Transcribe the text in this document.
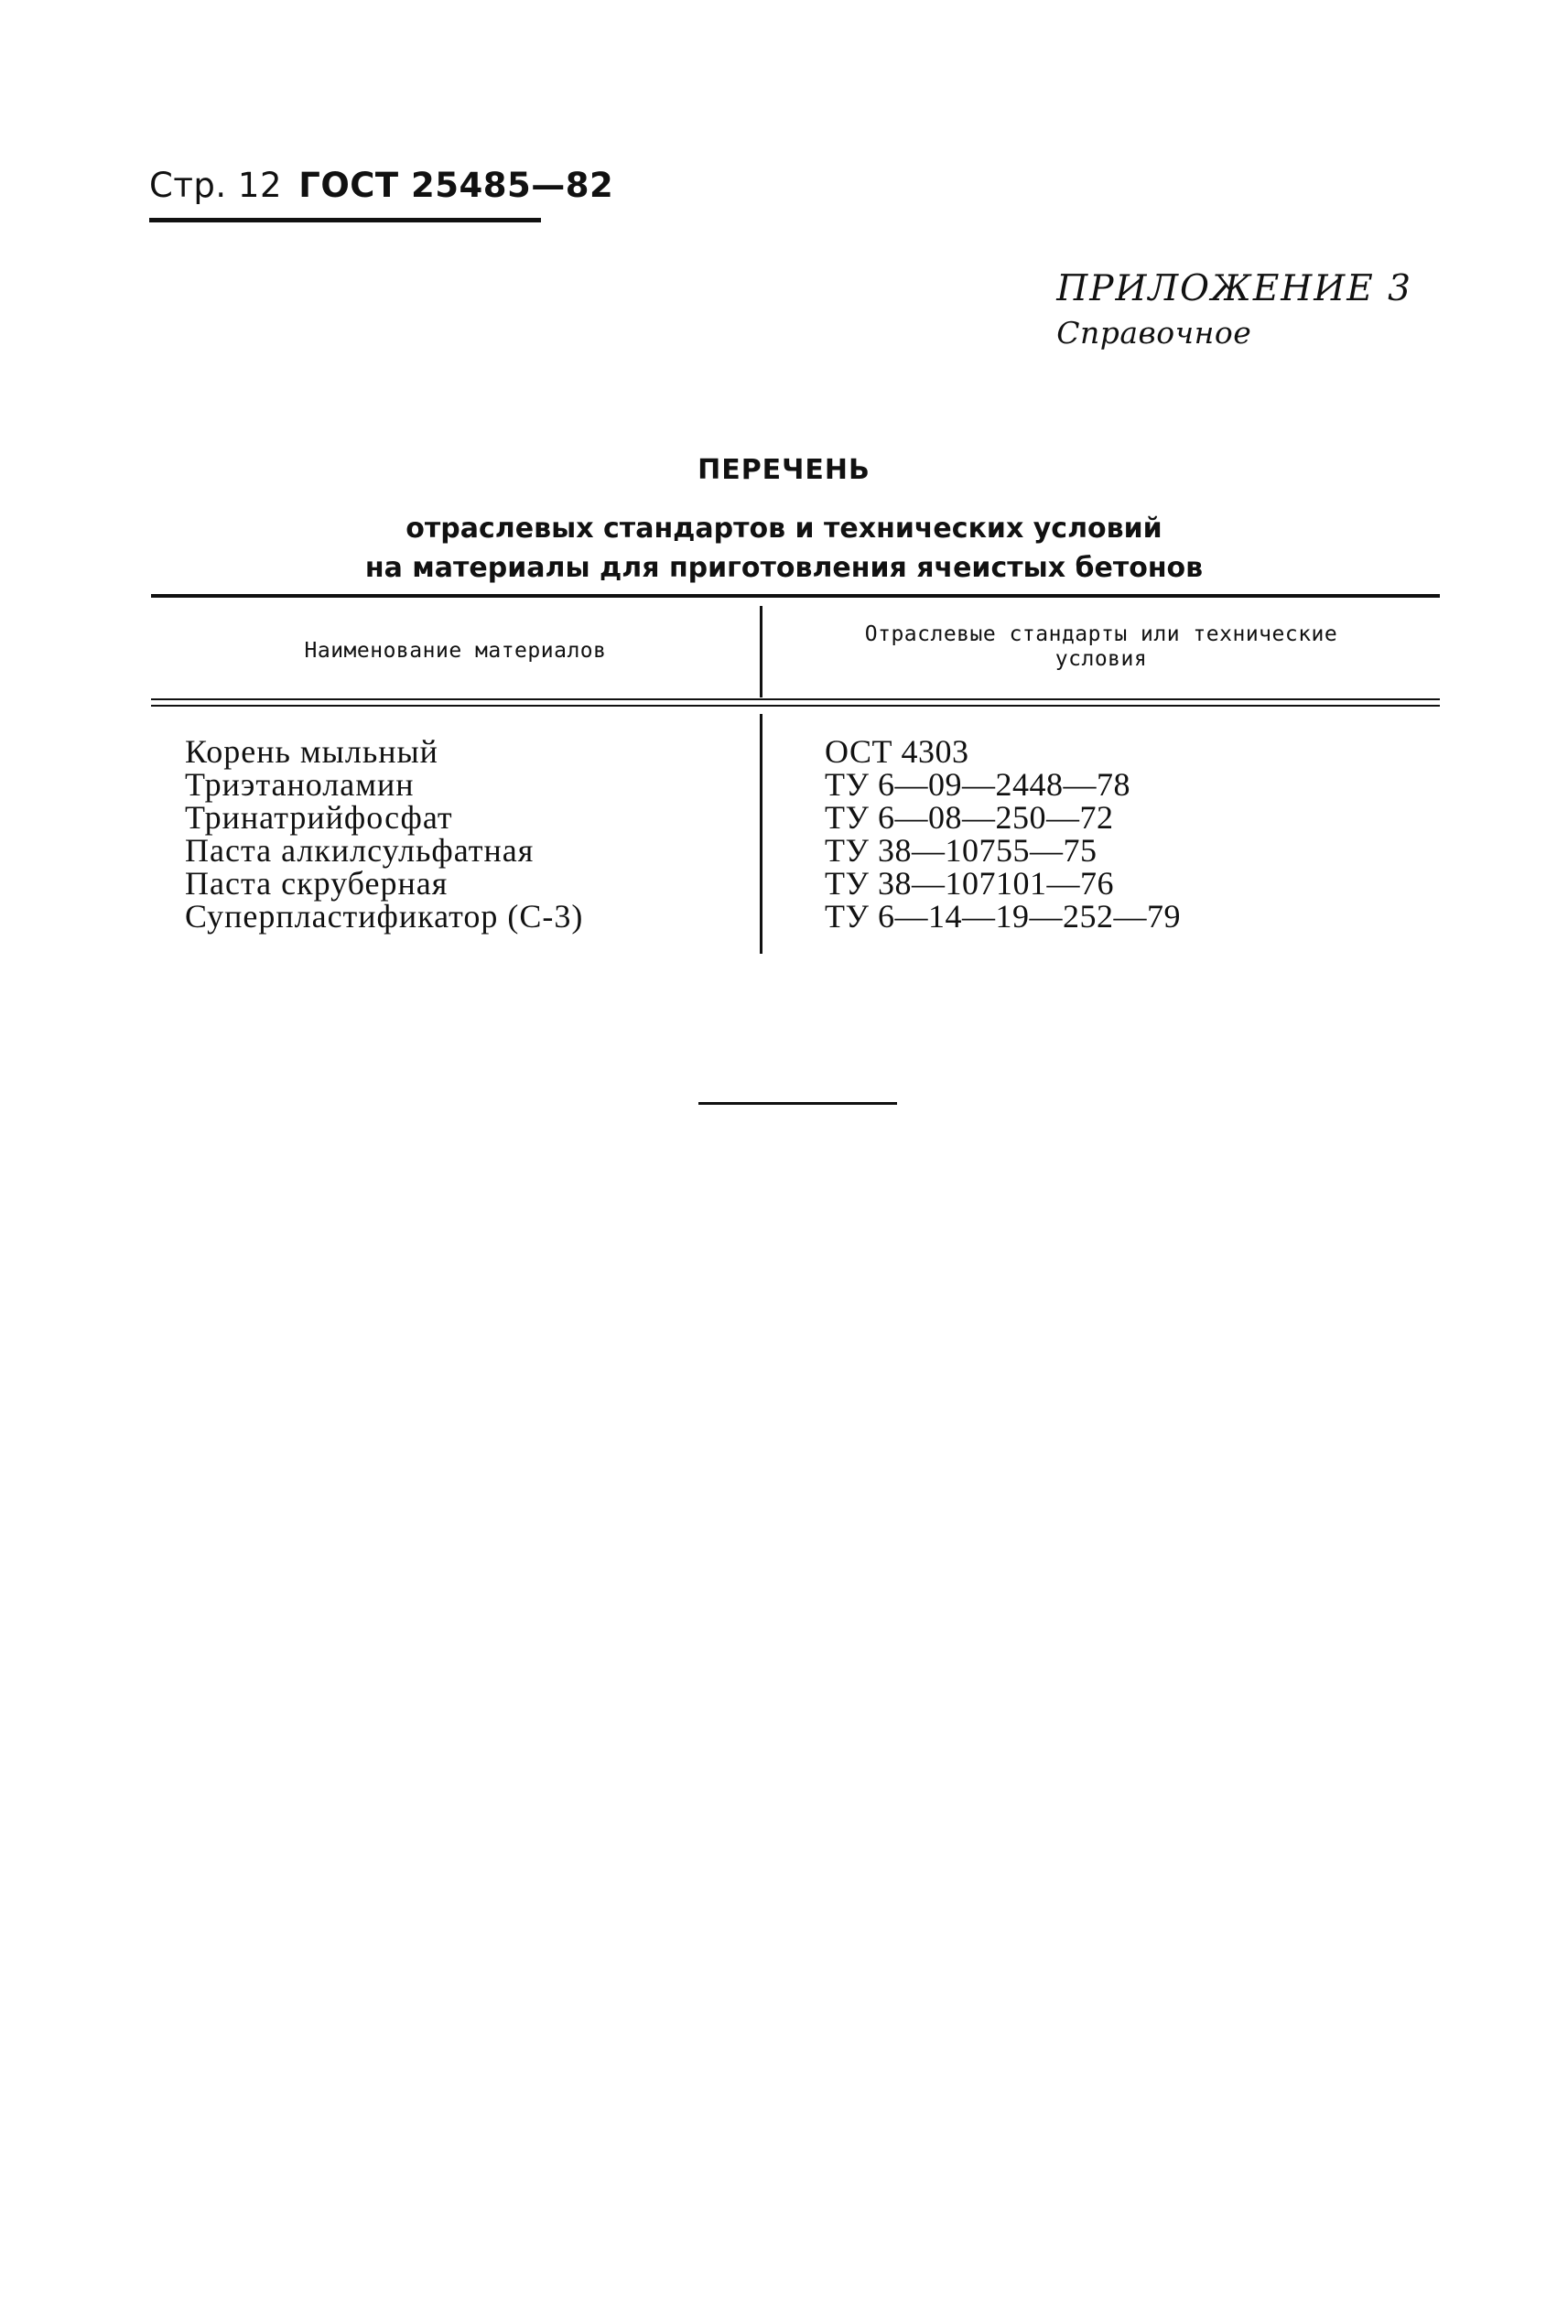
Стр. 12 ГОСТ 25485—82
ПРИЛОЖЕНИЕ 3
Справочное
ПЕРЕЧЕНЬ
отраслевых стандартов и технических условий
на материалы для приготовления ячеистых бетонов
Наименование материалов
Отраслевые стандарты или технические
условия
Корень мыльный
Триэтаноламин
Тринатрийфосфат
Паста алкилсульфатная
Паста скруберная
Суперпластификатор (С-3)
ОСТ 4303
ТУ 6—09—2448—78
ТУ 6—08—250—72
ТУ 38—10755—75
ТУ 38—107101—76
ТУ 6—14—19—252—79
